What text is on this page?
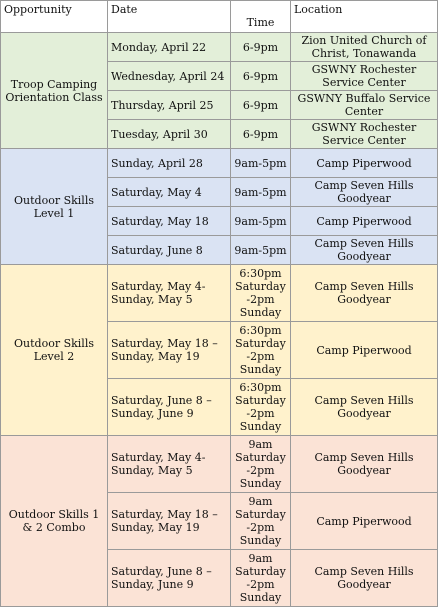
Opportunity	Date	Time	Location
Troop Camping Orientation Class	Monday, April 22	6-9pm	Zion United Church of Christ, Tonawanda
	Wednesday, April 24	6-9pm	GSWNY Rochester Service Center
	Thursday, April 25	6-9pm	GSWNY Buffalo Service Center
	Tuesday, April 30	6-9pm	GSWNY Rochester Service Center
Outdoor Skills Level 1	Sunday, April 28	9am-5pm	Camp Piperwood
	Saturday, May 4	9am-5pm	Camp Seven Hills Goodyear
	Saturday, May 18	9am-5pm	Camp Piperwood
	Saturday, June 8	9am-5pm	Camp Seven Hills Goodyear
Outdoor Skills Level 2	Saturday, May 4-Sunday, May 5	6:30pm Saturday -2pm Sunday	Camp Seven Hills Goodyear
	Saturday, May 18 – Sunday, May 19	6:30pm Saturday -2pm Sunday	Camp Piperwood
	Saturday, June 8 – Sunday, June 9	6:30pm Saturday -2pm Sunday	Camp Seven Hills Goodyear
Outdoor Skills 1 & 2 Combo	Saturday, May 4-Sunday, May 5	9am Saturday -2pm Sunday	Camp Seven Hills Goodyear
	Saturday, May 18 – Sunday, May 19	9am Saturday -2pm Sunday	Camp Piperwood
	Saturday, June 8 – Sunday, June 9	9am Saturday -2pm Sunday	Camp Seven Hills Goodyear
